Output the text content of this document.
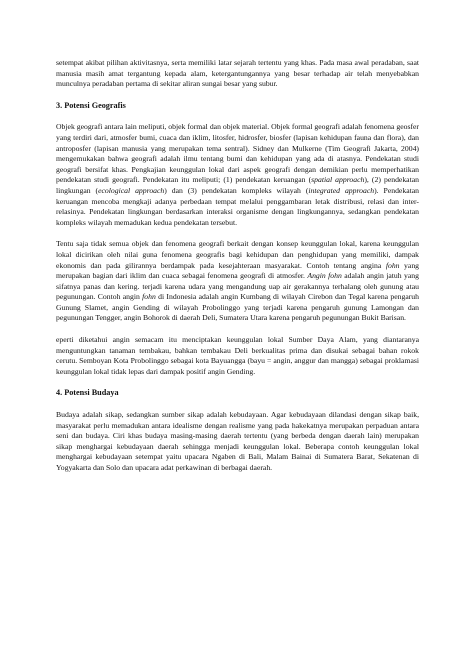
setempat akibat pilihan aktivitasnya, serta memiliki latar sejarah tertentu yang khas. Pada masa awal peradaban, saat manusia masih amat tergantung kepada alam, ketergantungannya yang besar terhadap air telah menyebabkan munculnya peradaban pertama di sekitar aliran sungai besar yang subur.

3. Potensi Geografis

Objek geografi antara lain meliputi, objek formal dan objek material. Objek formal geografi adalah fenomena geosfer yang terdiri dari, atmosfer bumi, cuaca dan iklim, litosfer, hidrosfer, biosfer (lapisan kehidupan fauna dan flora), dan antroposfer (lapisan manusia yang merupakan tema sentral). Sidney dan Mulkerne (Tim Geografi Jakarta, 2004) mengemukakan bahwa geografi adalah ilmu tentang bumi dan kehidupan yang ada di atasnya. Pendekatan studi geografi bersifat khas. Pengkajian keunggulan lokal dari aspek geografi dengan demikian perlu memperhatikan pendekatan studi geografi. Pendekatan itu meliputi; (1) pendekatan keruangan (spatial approach), (2) pendekatan lingkungan (ecological approach) dan (3) pendekatan kompleks wilayah (integrated approach). Pendekatan keruangan mencoba mengkaji adanya perbedaan tempat melalui penggambaran letak distribusi, relasi dan inter-relasinya. Pendekatan lingkungan berdasarkan interaksi organisme dengan lingkungannya, sedangkan pendekatan kompleks wilayah memadukan kedua pendekatan tersebut.

Tentu saja tidak semua objek dan fenomena geografi berkait dengan konsep keunggulan lokal, karena keunggulan lokal dicirikan oleh nilai guna fenomena geografis bagi kehidupan dan penghidupan yang memiliki, dampak ekonomis dan pada gilirannya berdampak pada kesejahteraan masyarakat. Contoh tentang angina fohn yang merupakan bagian dari iklim dan cuaca sebagai fenomena geografi di atmosfer. Angin fohn adalah angin jatuh yang sifatnya panas dan kering. terjadi karena udara yang mengandung uap air gerakannya terhalang oleh gunung atau pegunungan. Contoh angin fohn di Indonesia adalah angin Kumbang di wilayah Cirebon dan Tegal karena pengaruh Gunung Slamet, angin Gending di wilayah Probolinggo yang terjadi karena pengaruh gunung Lamongan dan pegunungan Tengger, angin Bohorok di daerah Deli, Sumatera Utara karena pengaruh pegunungan Bukit Barisan.

eperti diketahui angin semacam itu menciptakan keunggulan lokal Sumber Daya Alam, yang diantaranya menguntungkan tanaman tembakau, bahkan tembakau Deli berkualitas prima dan disukai sebagai bahan rokok cerutu. Semboyan Kota Probolinggo sebagai kota Bayuangga (bayu = angin, anggur dan mangga) sebagai proklamasi keunggulan lokal tidak lepas dari dampak positif angin Gending.

4. Potensi Budaya

Budaya adalah sikap, sedangkan sumber sikap adalah kebudayaan. Agar kebudayaan dilandasi dengan sikap baik, masyarakat perlu memadukan antara idealisme dengan realisme yang pada hakekatnya merupakan perpaduan antara seni dan budaya. Ciri khas budaya masing-masing daerah tertentu (yang berbeda dengan daerah lain) merupakan sikap menghargai kebudayaan daerah sehingga menjadi keunggulan lokal. Beberapa contoh keunggulan lokal menghargai kebudayaan setempat yaitu upacara Ngaben di Bali, Malam Bainai di Sumatera Barat, Sekatenan di Yogyakarta dan Solo dan upacara adat perkawinan di berbagai daerah.
